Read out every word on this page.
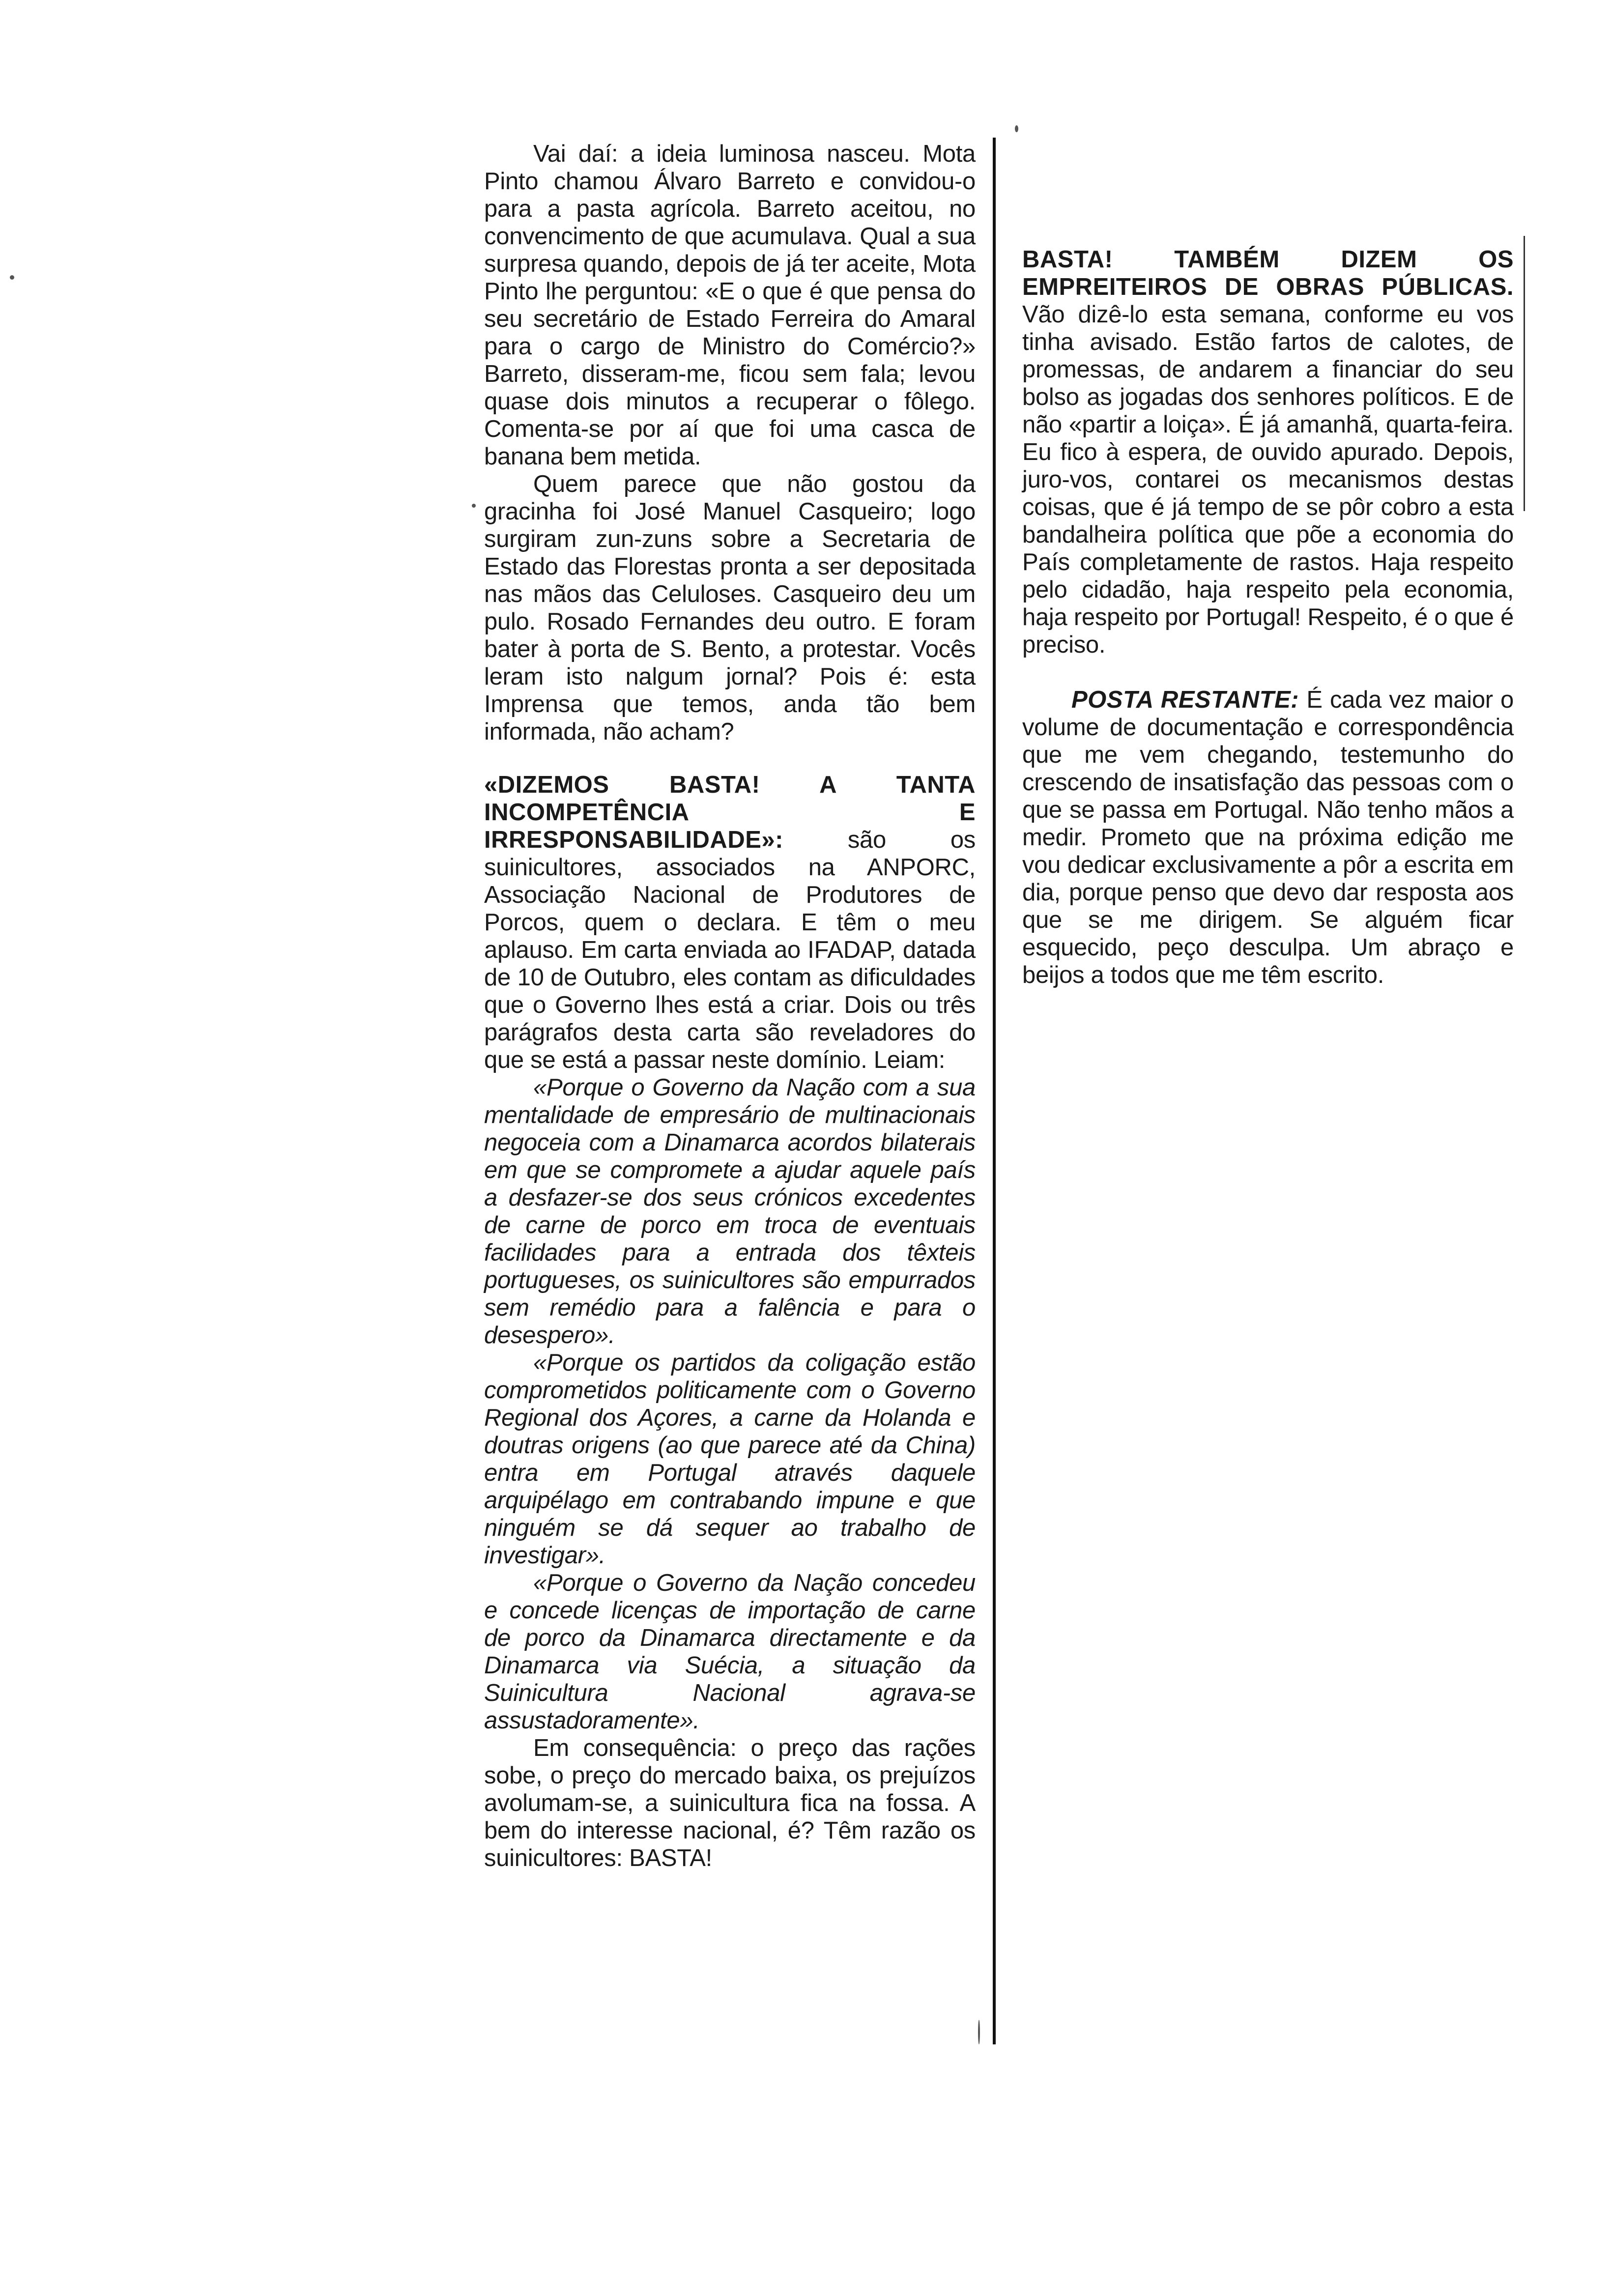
Vai daí: a ideia luminosa nasceu. Mota Pinto chamou Álvaro Barreto e convidou-o para a pasta agrícola. Barreto aceitou, no convencimento de que acumulava. Qual a sua surpresa quando, depois de já ter aceite, Mota Pinto lhe perguntou: «E o que é que pensa do seu secretário de Estado Ferreira do Amaral para o cargo de Ministro do Comércio?» Barreto, disseram-me, ficou sem fala; levou quase dois minutos a recuperar o fôlego. Comenta-se por aí que foi uma casca de banana bem metida.

Quem parece que não gostou da gracinha foi José Manuel Casqueiro; logo surgiram zun-zuns sobre a Secretaria de Estado das Florestas pronta a ser depositada nas mãos das Celuloses. Casqueiro deu um pulo. Rosado Fernandes deu outro. E foram bater à porta de S. Bento, a protestar. Vocês leram isto nalgum jornal? Pois é: esta Imprensa que temos, anda tão bem informada, não acham?

«DIZEMOS BASTA! A TANTA INCOMPETÊNCIA E IRRESPONSABILIDADE»: são os suinicultores, associados na ANPORC, Associação Nacional de Produtores de Porcos, quem o declara. E têm o meu aplauso. Em carta enviada ao IFADAP, datada de 10 de Outubro, eles contam as dificuldades que o Governo lhes está a criar. Dois ou três parágrafos desta carta são reveladores do que se está a passar neste domínio. Leiam:

«Porque o Governo da Nação com a sua mentalidade de empresário de multinacionais negoceia com a Dinamarca acordos bilaterais em que se compromete a ajudar aquele país a desfazer-se dos seus crónicos excedentes de carne de porco em troca de eventuais facilidades para a entrada dos têxteis portugueses, os suinicultores são empurrados sem remédio para a falência e para o desespero».

«Porque os partidos da coligação estão comprometidos politicamente com o Governo Regional dos Açores, a carne da Holanda e doutras origens (ao que parece até da China) entra em Portugal através daquele arquipélago em contrabando impune e que ninguém se dá sequer ao trabalho de investigar».

«Porque o Governo da Nação concedeu e concede licenças de importação de carne de porco da Dinamarca directamente e da Dinamarca via Suécia, a situação da Suinicultura Nacional agrava-se assustadoramente».

Em consequência: o preço das rações sobe, o preço do mercado baixa, os prejuízos avolumam-se, a suinicultura fica na fossa. A bem do interesse nacional, é? Têm razão os suinicultores: BASTA!

BASTA! TAMBÉM DIZEM OS EMPREITEIROS DE OBRAS PÚBLICAS. Vão dizê-lo esta semana, conforme eu vos tinha avisado. Estão fartos de calotes, de promessas, de andarem a financiar do seu bolso as jogadas dos senhores políticos. E de não «partir a loiça». É já amanhã, quarta-feira. Eu fico à espera, de ouvido apurado. Depois, juro-vos, contarei os mecanismos destas coisas, que é já tempo de se pôr cobro a esta bandalheira política que põe a economia do País completamente de rastos. Haja respeito pelo cidadão, haja respeito pela economia, haja respeito por Portugal! Respeito, é o que é preciso.

POSTA RESTANTE: É cada vez maior o volume de documentação e correspondência que me vem chegando, testemunho do crescendo de insatisfação das pessoas com o que se passa em Portugal. Não tenho mãos a medir. Prometo que na próxima edição me vou dedicar exclusivamente a pôr a escrita em dia, porque penso que devo dar resposta aos que se me dirigem. Se alguém ficar esquecido, peço desculpa. Um abraço e beijos a todos que me têm escrito.
